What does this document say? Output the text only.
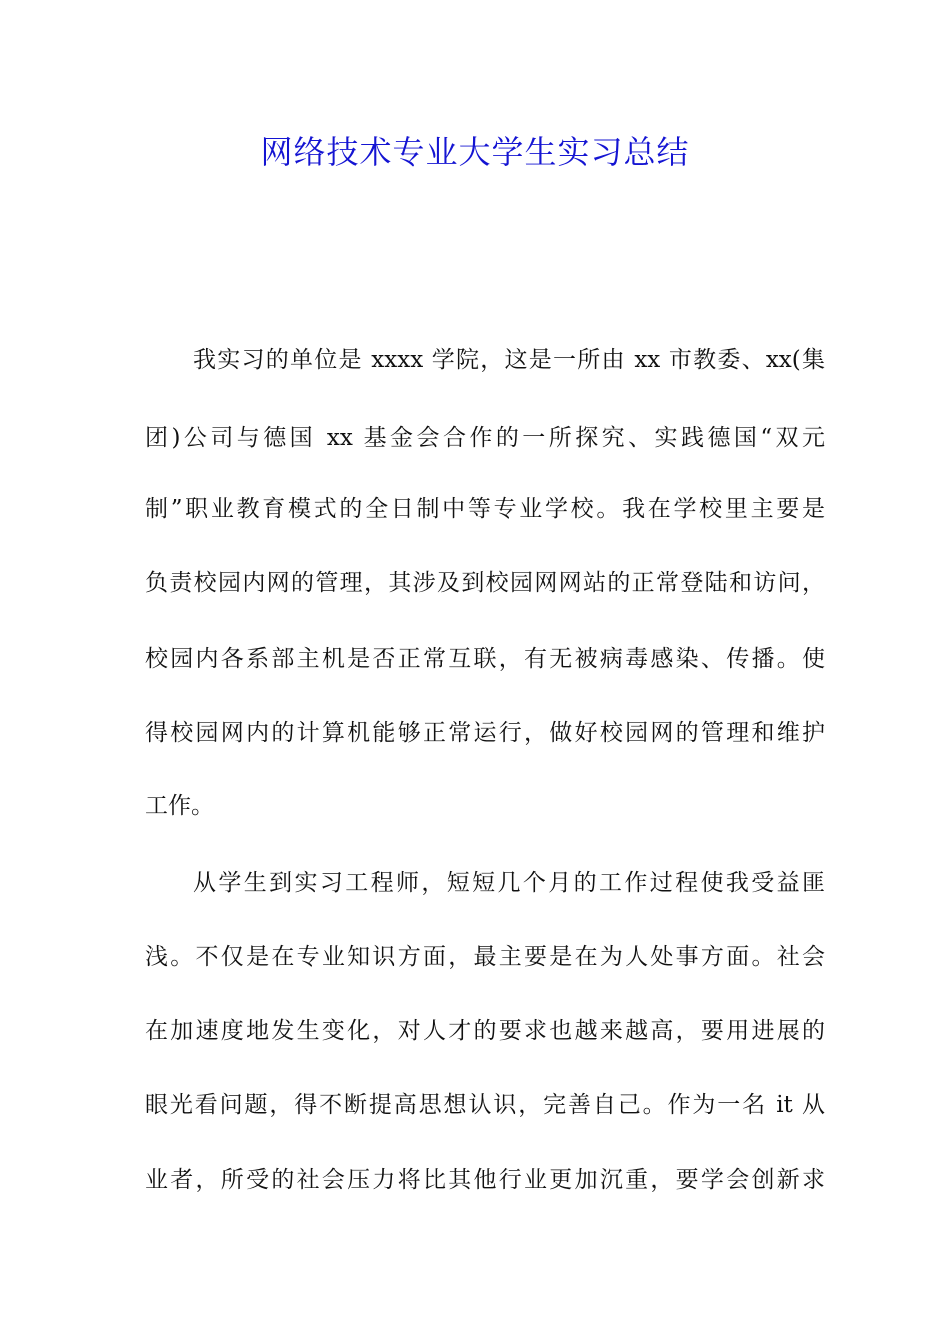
网络技术专业大学生实习总结
我实习的单位是 xxxx 学院，这是一所由 xx 市教委、xx(集
团)公司与德国 xx 基金会合作的一所探究、实践德国“双元
制”职业教育模式的全日制中等专业学校。我在学校里主要是
负责校园内网的管理，其涉及到校园网网站的正常登陆和访问，
校园内各系部主机是否正常互联，有无被病毒感染、传播。使
得校园网内的计算机能够正常运行，做好校园网的管理和维护
工作。
从学生到实习工程师，短短几个月的工作过程使我受益匪
浅。不仅是在专业知识方面，最主要是在为人处事方面。社会
在加速度地发生变化，对人才的要求也越来越高，要用进展的
眼光看问题，得不断提高思想认识，完善自己。作为一名 it 从
业者，所受的社会压力将比其他行业更加沉重，要学会创新求
